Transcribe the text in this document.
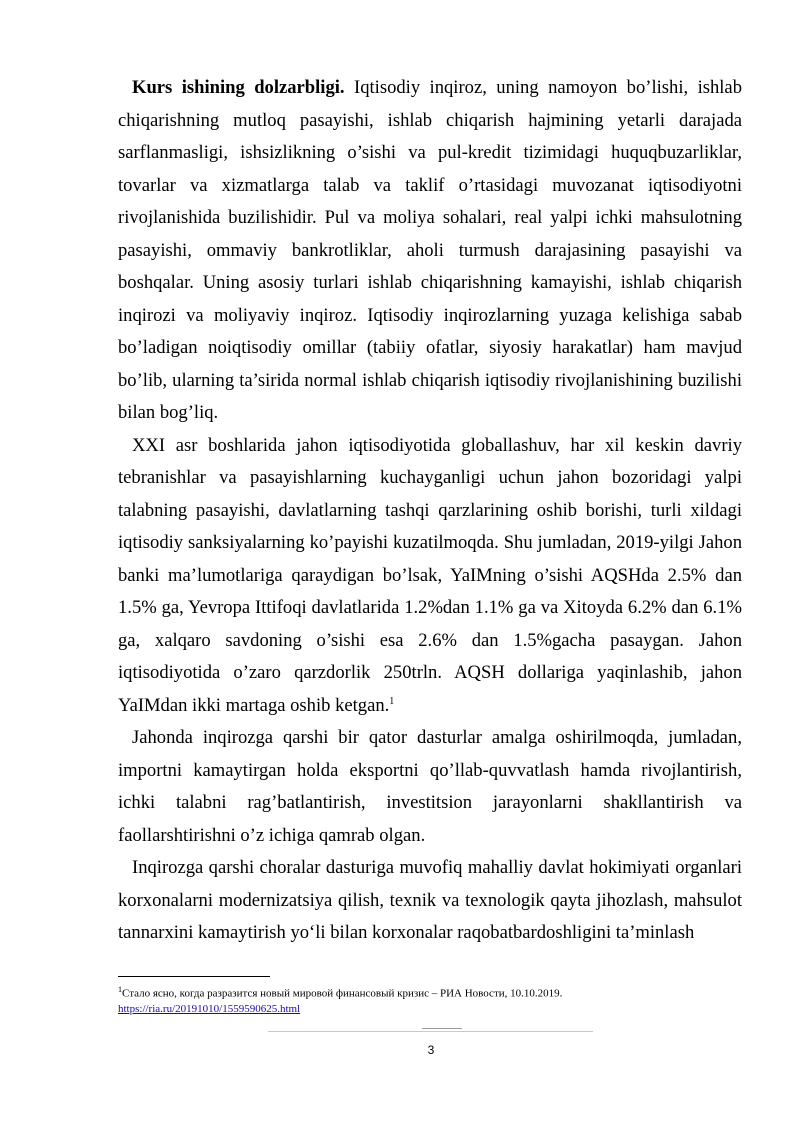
Kurs ishining dolzarbligi. Iqtisodiy inqiroz, uning namoyon bo’lishi, ishlab chiqarishning mutloq pasayishi, ishlab chiqarish hajmining yetarli darajada sarflanmasligi, ishsizlikning o’sishi va pul-kredit tizimidagi huquqbuzarliklar, tovarlar va xizmatlarga talab va taklif o’rtasidagi muvozanat iqtisodiyotni rivojlanishida buzilishidir. Pul va moliya sohalari, real yalpi ichki mahsulotning pasayishi, ommaviy bankrotliklar, aholi turmush darajasining pasayishi va boshqalar. Uning asosiy turlari ishlab chiqarishning kamayishi, ishlab chiqarish inqirozi va moliyaviy inqiroz. Iqtisodiy inqirozlarning yuzaga kelishiga sabab bo’ladigan noiqtisodiy omillar (tabiiy ofatlar, siyosiy harakatlar) ham mavjud bo’lib, ularning ta’sirida normal ishlab chiqarish iqtisodiy rivojlanishining buzilishi bilan bog’liq.

XXI asr boshlarida jahon iqtisodiyotida globallashuv, har xil keskin davriy tebranishlar va pasayishlarning kuchayganligi uchun jahon bozoridagi yalpi talabning pasayishi, davlatlarning tashqi qarzlarining oshib borishi, turli xildagi iqtisodiy sanksiyalarning ko’payishi kuzatilmoqda. Shu jumladan, 2019-yilgi Jahon banki ma’lumotlariga qaraydigan bo’lsak, YaIMning o’sishi AQSHda 2.5% dan 1.5% ga, Yevropa Ittifoqi davlatlarida 1.2%dan 1.1% ga va Xitoyda 6.2% dan 6.1% ga, xalqaro savdoning o’sishi esa 2.6% dan 1.5%gacha pasaygan. Jahon iqtisodiyotida o’zaro qarzdorlik 250trln. AQSH dollariga yaqinlashib, jahon YaIMdan ikki martaga oshib ketgan.$^1$

Jahonda inqirozga qarshi bir qator dasturlar amalga oshirilmoqda, jumladan, importni kamaytirgan holda eksportni qo’llab-quvvatlash hamda rivojlantirish, ichki talabni rag’batlantirish, investitsion jarayonlarni shakllantirish va faollarshtirishni o’z ichiga qamrab olgan.

Inqirozga qarshi choralar dasturiga muvofiq mahalliy davlat hokimiyati organlari korxonalarni modernizatsiya qilish, texnik va texnologik qayta jihozlash, mahsulot tannarxini kamaytirish yo‘li bilan korxonalar raqobatbardoshligini ta’minlash

$^1$Стало ясно, когда разразится новый мировой финансовый кризис – РИА Новости, 10.10.2019.
https://ria.ru/20191010/1559590625.html
3
